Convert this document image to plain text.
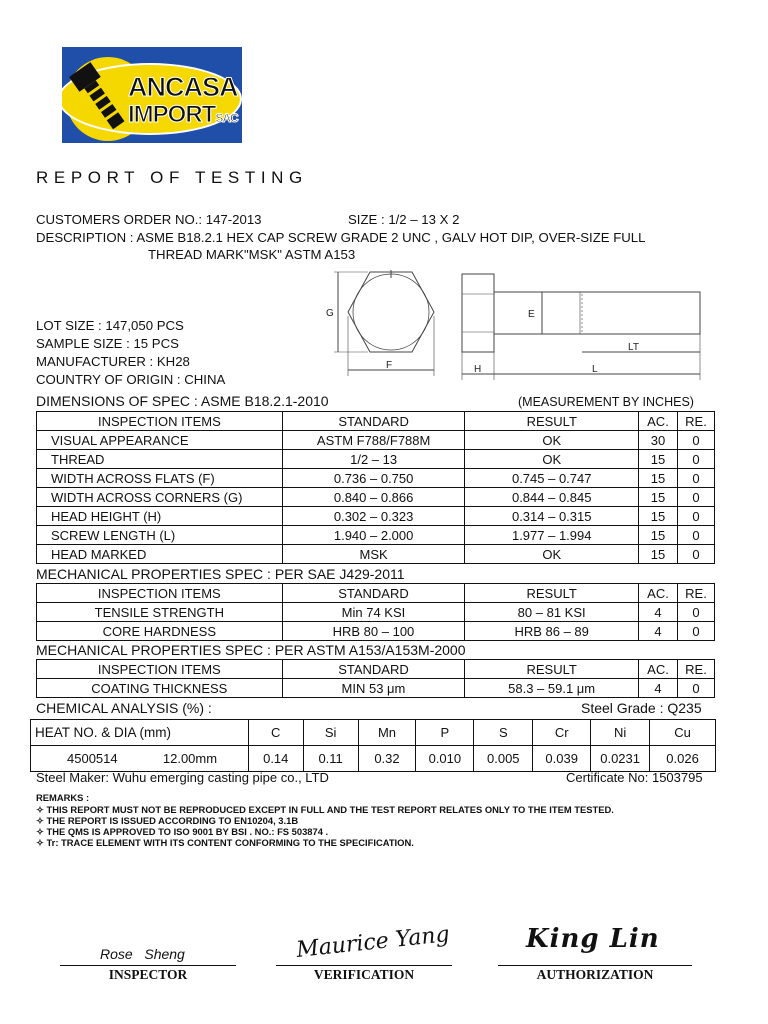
ANCASA
IMPORTSAC
REPORT OF TESTING
CUSTOMERS ORDER NO.: 147-2013	SIZE : 1/2 – 13 X 2
DESCRIPTION : ASME B18.2.1 HEX CAP SCREW GRADE 2 UNC , GALV HOT DIP, OVER-SIZE FULL
THREAD MARK"MSK" ASTM A153
LOT SIZE : 147,050 PCS
SAMPLE SIZE : 15 PCS
MANUFACTURER : KH28
COUNTRY OF ORIGIN : CHINA
G
F
E
H	L
LT
DIMENSIONS OF SPEC : ASME B18.2.1-2010	(MEASUREMENT BY INCHES)
INSPECTION ITEMS	STANDARD	RESULT	AC.	RE.
VISUAL APPEARANCE	ASTM F788/F788M	OK	30	0
THREAD	1/2 – 13	OK	15	0
WIDTH ACROSS FLATS (F)	0.736 – 0.750	0.745 – 0.747	15	0
WIDTH ACROSS CORNERS (G)	0.840 – 0.866	0.844 – 0.845	15	0
HEAD HEIGHT (H)	0.302 – 0.323	0.314 – 0.315	15	0
SCREW LENGTH (L)	1.940 – 2.000	1.977 – 1.994	15	0
HEAD MARKED	MSK	OK	15	0
MECHANICAL PROPERTIES SPEC : PER SAE J429-2011
INSPECTION ITEMS	STANDARD	RESULT	AC.	RE.
TENSILE STRENGTH	Min 74 KSI	80 – 81 KSI	4	0
CORE HARDNESS	HRB 80 – 100	HRB 86 – 89	4	0
MECHANICAL PROPERTIES SPEC : PER ASTM A153/A153M-2000
INSPECTION ITEMS	STANDARD	RESULT	AC.	RE.
COATING THICKNESS	MIN 53 μm	58.3 – 59.1 μm	4	0
CHEMICAL ANALYSIS (%) :	Steel Grade : Q235
HEAT NO. & DIA (mm)	C	Si	Mn	P	S	Cr	Ni	Cu
4500514 12.00mm	0.14	0.11	0.32	0.010	0.005	0.039	0.0231	0.026
Steel Maker: Wuhu emerging casting pipe co., LTD	Certificate No: 1503795
REMARKS :
✧ THIS REPORT MUST NOT BE REPRODUCED EXCEPT IN FULL AND THE TEST REPORT RELATES ONLY TO THE ITEM TESTED.
✧ THE REPORT IS ISSUED ACCORDING TO EN10204, 3.1B
✧ THE QMS IS APPROVED TO ISO 9001 BY BSI . NO.: FS 503874 .
✧ Tr: TRACE ELEMENT WITH ITS CONTENT CONFORMING TO THE SPECIFICATION.
Rose   Sheng
INSPECTOR
Maurice Yang
VERIFICATION
King Lin
AUTHORIZATION
